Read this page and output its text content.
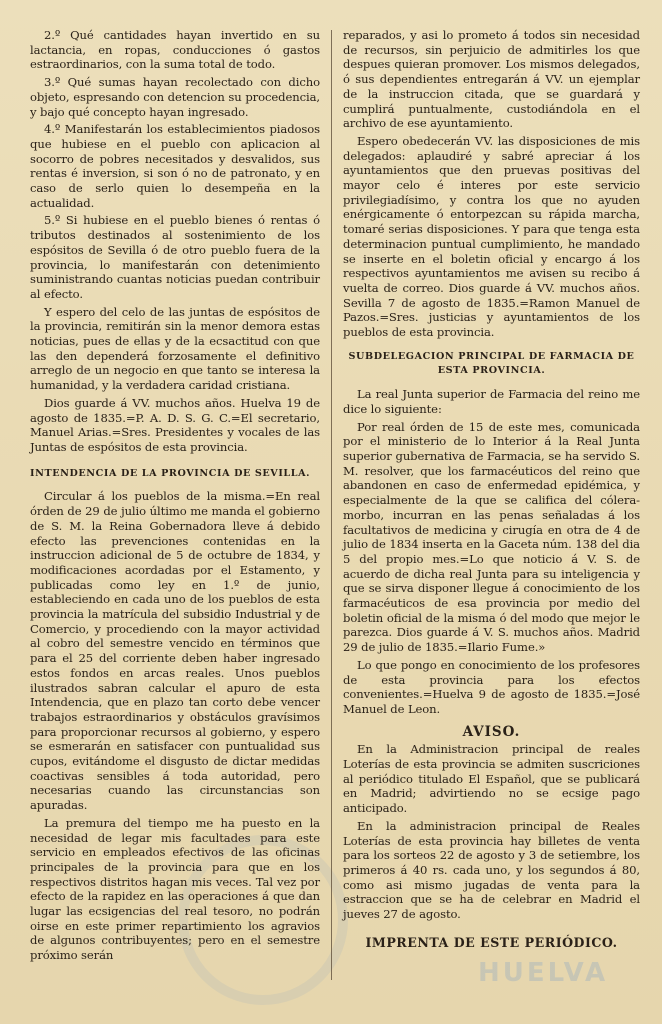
2.º Qué cantidades hayan invertido en su lactancia, en ropas, conducciones ó gastos estraordinarios, con la suma total de todo.

3.º Qué sumas hayan recolectado con dicho objeto, espresando con detencion su procedencia, y bajo qué concepto hayan ingresado.

4.º Manifestarán los establecimientos piadosos que hubiese en el pueblo con aplicacion al socorro de pobres necesitados y desvalidos, sus rentas é inversion, si son ó no de patronato, y en caso de serlo quien lo desempeña en la actualidad.

5.º Si hubiese en el pueblo bienes ó rentas ó tributos destinados al sostenimiento de los espósitos de Sevilla ó de otro pueblo fuera de la provincia, lo manifestarán con detenimiento suministrando cuantas noticias puedan contribuir al efecto.

Y espero del celo de las juntas de espósitos de la provincia, remitirán sin la menor demora estas noticias, pues de ellas y de la ecsactitud con que las den dependerá forzosamente el definitivo arreglo de un negocio en que tanto se interesa la humanidad, y la verdadera caridad cristiana.

Dios guarde á VV. muchos años. Huelva 19 de agosto de 1835.=P. A. D. S. G. C.=El secretario, Manuel Arias.=Sres. Presidentes y vocales de las Juntas de espósitos de esta provincia.

INTENDENCIA DE LA PROVINCIA DE SEVILLA.

Circular á los pueblos de la misma.=En real órden de 29 de julio último me manda el gobierno de S. M. la Reina Gobernadora lleve á debido efecto las prevenciones contenidas en la instruccion adicional de 5 de octubre de 1834, y modificaciones acordadas por el Estamento, y publicadas como ley en 1.º de junio, estableciendo en cada uno de los pueblos de esta provincia la matrícula del subsidio Industrial y de Comercio, y procediendo con la mayor actividad al cobro del semestre vencido en términos que para el 25 del corriente deben haber ingresado estos fondos en arcas reales. Unos pueblos ilustrados sabran calcular el apuro de esta Intendencia, que en plazo tan corto debe vencer trabajos estraordinarios y obstáculos gravísimos para proporcionar recursos al gobierno, y espero se esmerarán en satisfacer con puntualidad sus cupos, evitándome el disgusto de dictar medidas coactivas sensibles á toda autoridad, pero necesarias cuando las circunstancias son apuradas.

La premura del tiempo me ha puesto en la necesidad de legar mis facultades para este servicio en empleados efectivos de las oficinas principales de la provincia para que en los respectivos distritos hagan mis veces. Tal vez por efecto de la rapidez en las operaciones á que dan lugar las ecsigencias del real tesoro, no podrán oirse en este primer repartimiento los agravios de algunos contribuyentes; pero en el semestre próximo serán

reparados, y asi lo prometo á todos sin necesidad de recursos, sin perjuicio de admitirles los que despues quieran promover. Los mismos delegados, ó sus dependientes entregarán á VV. un ejemplar de la instruccion citada, que se guardará y cumplirá puntualmente, custodiándola en el archivo de ese ayuntamiento.

Espero obedecerán VV. las disposiciones de mis delegados: aplaudiré y sabré apreciar á los ayuntamientos que den pruevas positivas del mayor celo é interes por este servicio privilegiadísimo, y contra los que no ayuden enérgicamente ó entorpezcan su rápida marcha, tomaré serias disposiciones. Y para que tenga esta determinacion puntual cumplimiento, he mandado se inserte en el boletin oficial y encargo á los respectivos ayuntamientos me avisen su recibo á vuelta de correo. Dios guarde á VV. muchos años. Sevilla 7 de agosto de 1835.=Ramon Manuel de Pazos.=Sres. justicias y ayuntamientos de los pueblos de esta provincia.

SUBDELEGACION PRINCIPAL DE FARMACIA DE ESTA PROVINCIA.

La real Junta superior de Farmacia del reino me dice lo siguiente:

Por real órden de 15 de este mes, comunicada por el ministerio de lo Interior á la Real Junta superior gubernativa de Farmacia, se ha servido S. M. resolver, que los farmacéuticos del reino que abandonen en caso de enfermedad epidémica, y especialmente de la que se califica del cólera-morbo, incurran en las penas señaladas á los facultativos de medicina y cirugía en otra de 4 de julio de 1834 inserta en la Gaceta núm. 138 del dia 5 del propio mes.=Lo que noticio á V. S. de acuerdo de dicha real Junta para su inteligencia y que se sirva disponer llegue á conocimiento de los farmacéuticos de esa provincia por medio del boletin oficial de la misma ó del modo que mejor le parezca. Dios guarde á V. S. muchos años. Madrid 29 de julio de 1835.=Ilario Fume.»

Lo que pongo en conocimiento de los profesores de esta provincia para los efectos convenientes.=Huelva 9 de agosto de 1835.=José Manuel de Leon.

AVISO.

En la Administracion principal de reales Loterías de esta provincia se admiten suscriciones al periódico titulado El Español, que se publicará en Madrid; advirtiendo no se ecsige pago anticipado.

En la administracion principal de Reales Loterías de esta provincia hay billetes de venta para los sorteos 22 de agosto y 3 de setiembre, los primeros á 40 rs. cada uno, y los segundos á 80, como asi mismo jugadas de venta para la estraccion que se ha de celebrar en Madrid el jueves 27 de agosto.

IMPRENTA DE ESTE PERIÓDICO.

HUELVA
